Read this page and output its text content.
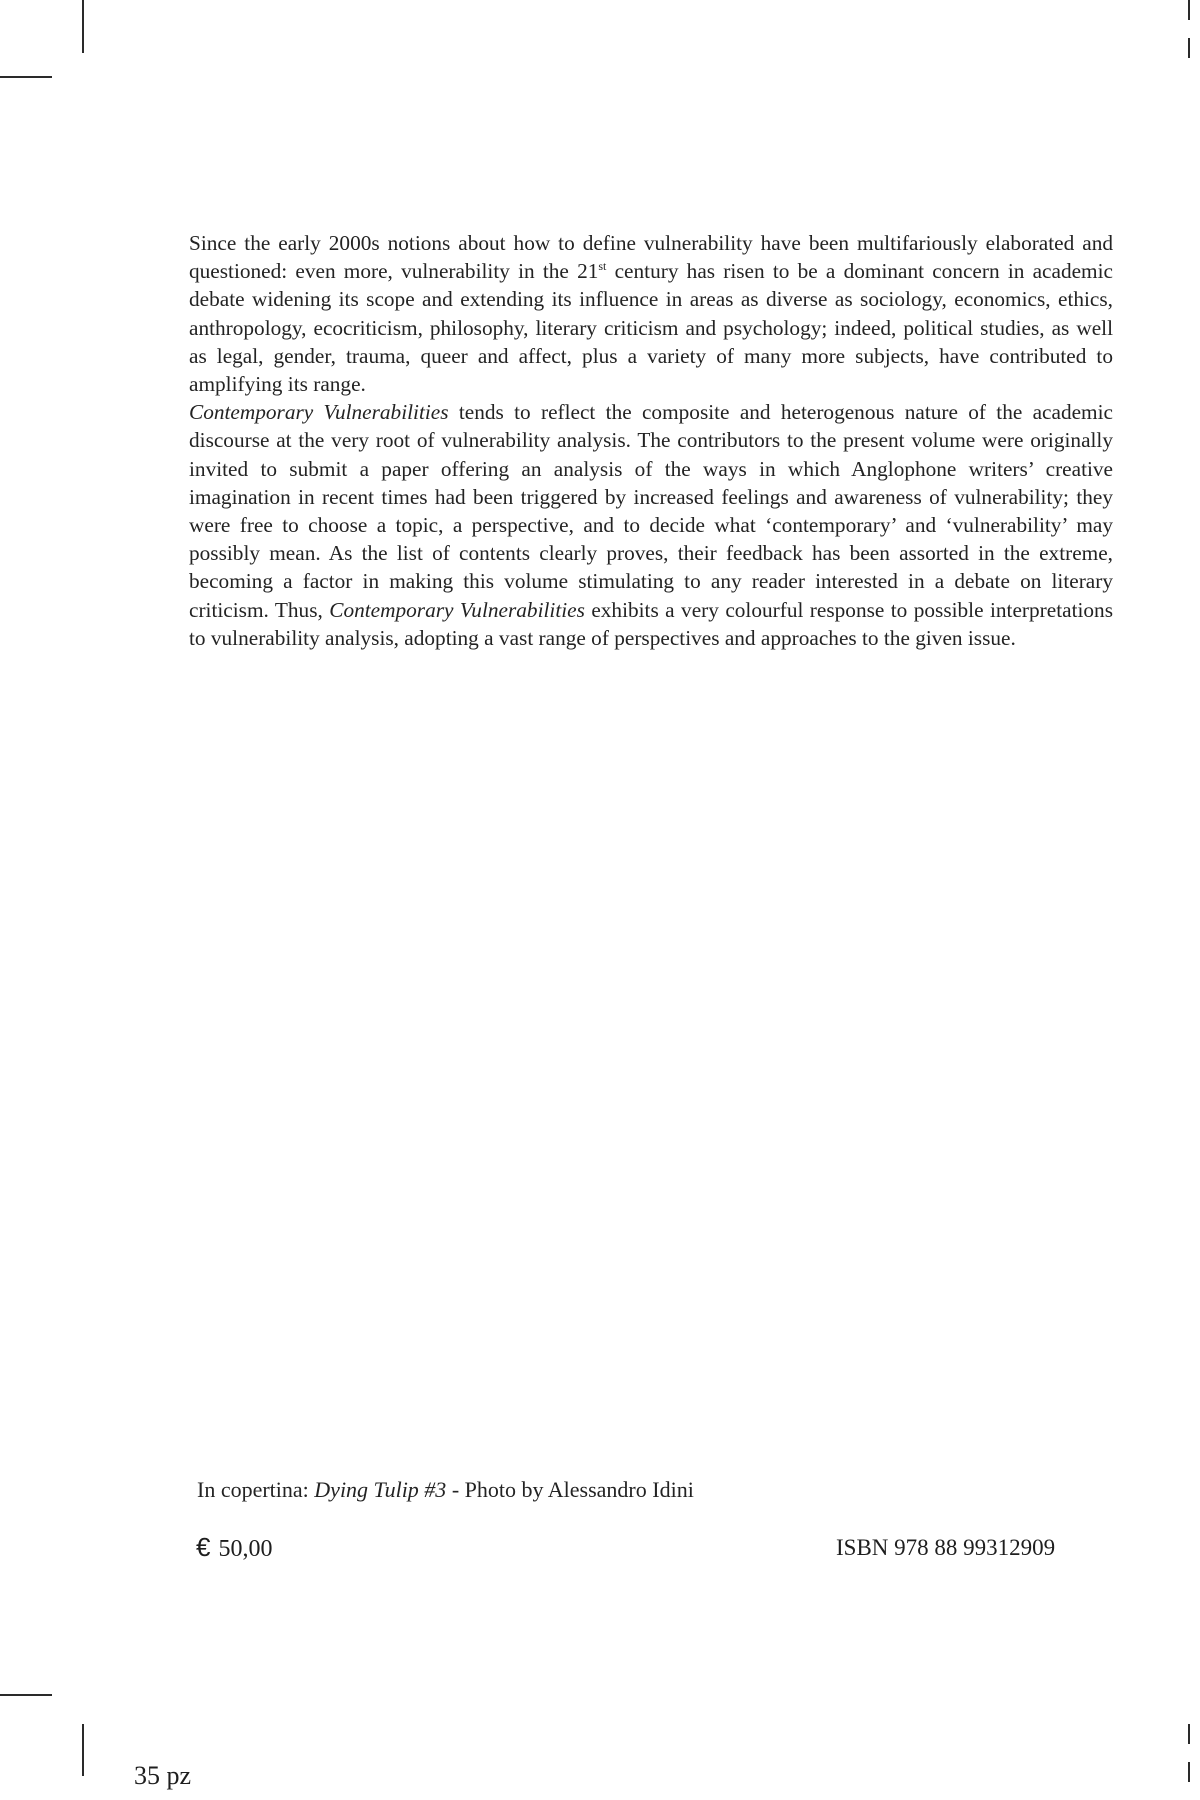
Since the early 2000s notions about how to define vulnerability have been multifariously elaborated and questioned: even more, vulnerability in the 21st century has risen to be a dominant concern in academic debate widening its scope and extending its influence in areas as diverse as sociology, economics, ethics, anthropology, ecocriticism, philosophy, literary criticism and psychology; indeed, political studies, as well as legal, gender, trauma, queer and affect, plus a variety of many more subjects, have contributed to amplifying its range.

Contemporary Vulnerabilities tends to reflect the composite and heterogenous nature of the academic discourse at the very root of vulnerability analysis. The contributors to the present volume were originally invited to submit a paper offering an analysis of the ways in which Anglophone writers’ creative imagination in recent times had been triggered by increased feelings and awareness of vulnerability; they were free to choose a topic, a perspective, and to decide what ‘contemporary’ and ‘vulnerability’ may possibly mean. As the list of contents clearly proves, their feedback has been assorted in the extreme, becoming a factor in making this volume stimulating to any reader interested in a debate on literary criticism. Thus, Contemporary Vulnerabilities exhibits a very colourful response to possible interpretations to vulnerability analysis, adopting a vast range of perspectives and approaches to the given issue.

In copertina: Dying Tulip #3 - Photo by Alessandro Idini
€ 50,00	ISBN 978 88 99312909
35 pz
